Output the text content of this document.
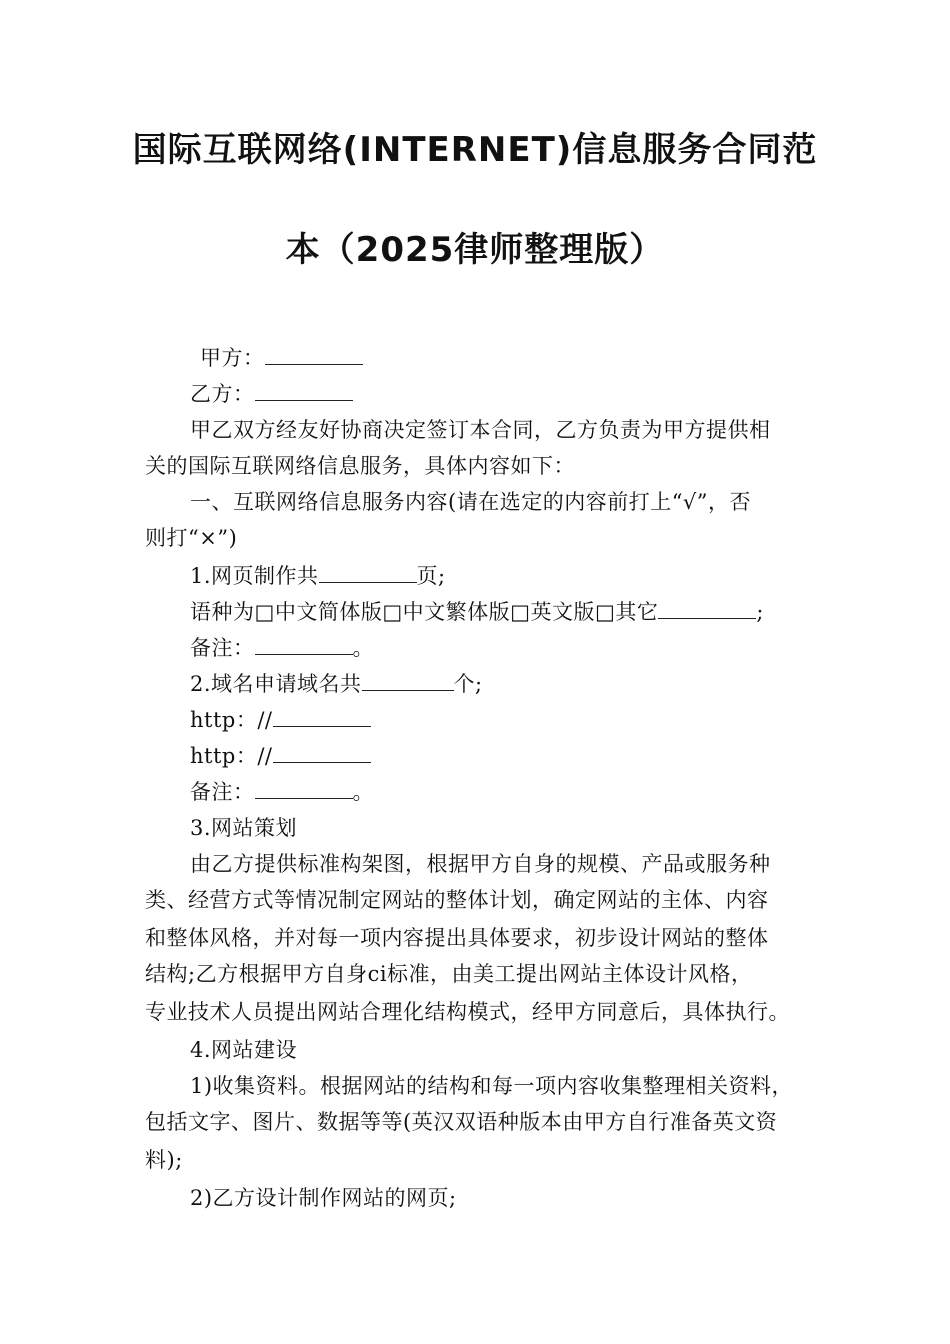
国际互联网络(INTERNET)信息服务合同范
本（2025律师整理版）
甲方：
乙方：
甲乙双方经友好协商决定签订本合同，乙方负责为甲方提供相
关的国际互联网络信息服务，具体内容如下：
一、互联网络信息服务内容(请在选定的内容前打上“√”，否
则打“×”)
1.网页制作共	页;
语种为□中文简体版□中文繁体版□英文版□其它	;
备注：	。
2.域名申请域名共	个;
http：//
http：//
备注：	。
3.网站策划
由乙方提供标准构架图，根据甲方自身的规模、产品或服务种
类、经营方式等情况制定网站的整体计划，确定网站的主体、内容
和整体风格，并对每一项内容提出具体要求，初步设计网站的整体
结构;乙方根据甲方自身ci标准，由美工提出网站主体设计风格，
专业技术人员提出网站合理化结构模式，经甲方同意后，具体执行。
4.网站建设
1)收集资料。根据网站的结构和每一项内容收集整理相关资料，
包括文字、图片、数据等等(英汉双语种版本由甲方自行准备英文资
料);
2)乙方设计制作网站的网页;
